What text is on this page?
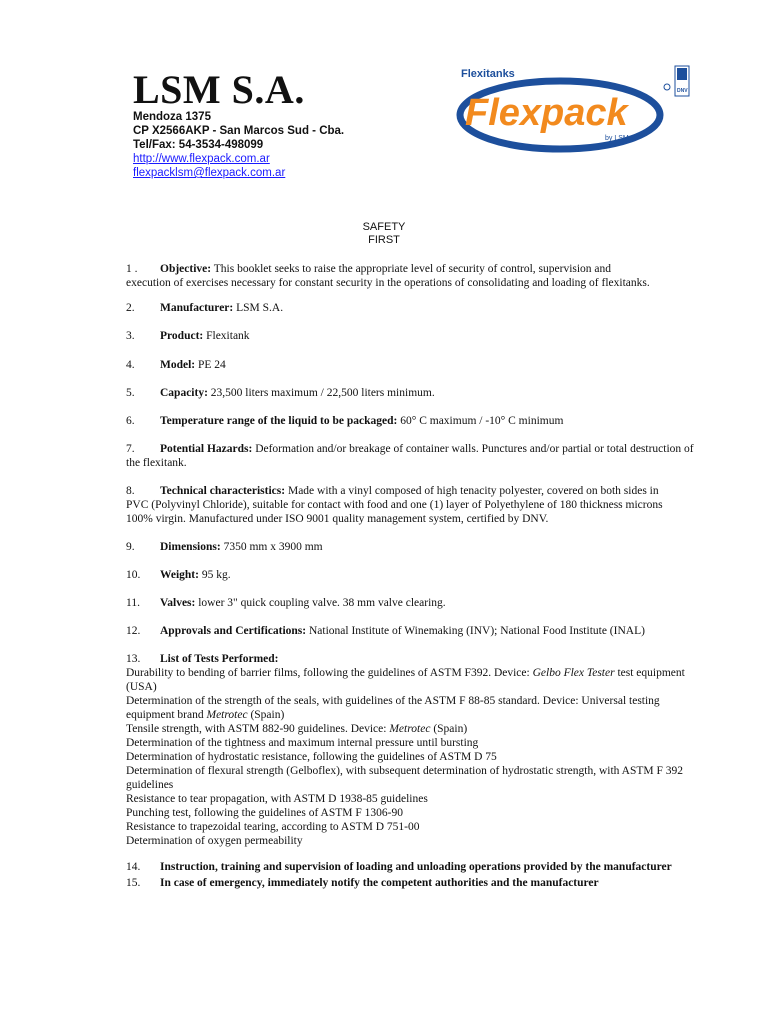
LSM S.A.
Mendoza 1375
CP X2566AKP - San Marcos Sud - Cba.
Tel/Fax: 54-3534-498099
http://www.flexpack.com.ar
flexpacklsm@flexpack.com.ar
Flexitanks
Flexpack
by LSM
DNV
SAFETY
FIRST
1 . Objective: This booklet seeks to raise the appropriate level of security of control, supervision and
execution of exercises necessary for constant security in the operations of consolidating and loading of flexitanks.
2. Manufacturer: LSM S.A.
3. Product: Flexitank
4. Model: PE 24
5. Capacity: 23,500 liters maximum / 22,500 liters minimum.
6. Temperature range of the liquid to be packaged: 60° C maximum / -10° C minimum
7. Potential Hazards: Deformation and/or breakage of container walls. Punctures and/or partial or total destruction of
the flexitank.
8. Technical characteristics: Made with a vinyl composed of high tenacity polyester, covered on both sides in
PVC (Polyvinyl Chloride), suitable for contact with food and one (1) layer of Polyethylene of 180 thickness microns
100% virgin. Manufactured under ISO 9001 quality management system, certified by DNV.
9. Dimensions: 7350 mm x 3900 mm
10. Weight: 95 kg.
11. Valves: lower 3" quick coupling valve. 38 mm valve clearing.
12. Approvals and Certifications: National Institute of Winemaking (INV); National Food Institute (INAL)
13. List of Tests Performed:
Durability to bending of barrier films, following the guidelines of ASTM F392. Device: Gelbo Flex Tester test equipment
(USA)
Determination of the strength of the seals, with guidelines of the ASTM F 88-85 standard. Device: Universal testing
equipment brand Metrotec (Spain)
Tensile strength, with ASTM 882-90 guidelines. Device: Metrotec (Spain)
Determination of the tightness and maximum internal pressure until bursting
Determination of hydrostatic resistance, following the guidelines of ASTM D 75
Determination of flexural strength (Gelboflex), with subsequent determination of hydrostatic strength, with ASTM F 392
guidelines
Resistance to tear propagation, with ASTM D 1938-85 guidelines
Punching test, following the guidelines of ASTM F 1306-90
Resistance to trapezoidal tearing, according to ASTM D 751-00
Determination of oxygen permeability
14. Instruction, training and supervision of loading and unloading operations provided by the manufacturer
15. In case of emergency, immediately notify the competent authorities and the manufacturer
